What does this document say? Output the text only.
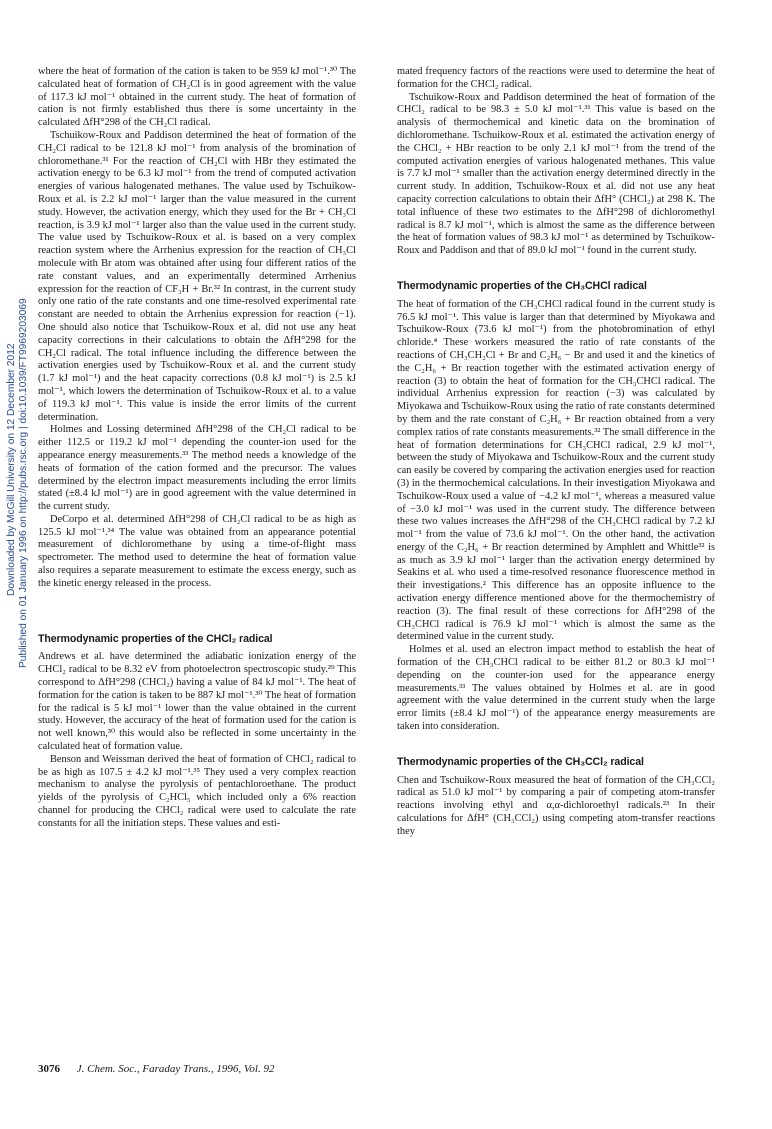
Downloaded by McGill University on 12 December 2012 Published on 01 January 1996 on http://pubs.rsc.org | doi:10.1039/FT9969203069

where the heat of formation of the cation is taken to be 959 kJ mol⁻¹.³⁰ The calculated heat of formation of CH₂Cl is in good agreement with the value of 117.3 kJ mol⁻¹ obtained in the current study. The heat of formation of cation is not firmly established thus there is some uncertainty in the calculated ΔfH°298 of the CH₂Cl radical.

Tschuikow-Roux and Paddison determined the heat of formation of the CH₂Cl radical to be 121.8 kJ mol⁻¹ from analysis of the bromination of chloromethane.³¹ For the reaction of CH₂Cl with HBr they estimated the activation energy to be 6.3 kJ mol⁻¹ from the trend of computed activation energies of various halogenated methanes. The value used by Tschuikow-Roux et al. is 2.2 kJ mol⁻¹ larger than the value measured in the current study. However, the activation energy, which they used for the Br + CH₃Cl reaction, is 3.9 kJ mol⁻¹ larger also than the value used in the current study. The value used by Tschuikow-Roux et al. is based on a very complex reaction system where the Arrhenius expression for the reaction of CH₃Cl molecule with Br atom was obtained after using four different ratios of the rate constant values, and an experimentally determined Arrhenius expression for the reaction of CF₃H + Br.³² In contrast, in the current study only one ratio of the rate constants and one time-resolved experimental rate constant are needed to obtain the Arrhenius expression for reaction (−1). One should also notice that Tschuikow-Roux et al. did not use any heat capacity corrections in their calculations to obtain the ΔfH°298 for the CH₂Cl radical. The total influence including the difference between the activation energies used by Tschuikow-Roux et al. and the current study (1.7 kJ mol⁻¹) and the heat capacity corrections (0.8 kJ mol⁻¹) is 2.5 kJ mol⁻¹, which lowers the determination of Tschuikow-Roux et al. to a value of 119.3 kJ mol⁻¹. This value is inside the error limits of the current determination.

Holmes and Lossing determined ΔfH°298 of the CH₂Cl radical to be either 112.5 or 119.2 kJ mol⁻¹ depending the counter-ion used for the appearance energy measurements.³³ The method needs a knowledge of the heats of formation of the cation formed and the precursor. The values determined by the electron impact measurements including the error limits stated (±8.4 kJ mol⁻¹) are in good agreement with the value determined in the current study.

DeCorpo et al. determined ΔfH°298 of CH₂Cl radical to be as high as 125.5 kJ mol⁻¹.³⁴ The value was obtained from an appearance potential measurement of dichloromethane by using a time-of-flight mass spectrometer. The method used to determine the heat of formation value also requires a separate measurement to estimate the excess energy, such as the kinetic energy released in the process.

Thermodynamic properties of the CHCl₂ radical

Andrews et al. have determined the adiabatic ionization energy of the CHCl₂ radical to be 8.32 eV from photoelectron spectroscopic study.²⁹ This correspond to ΔfH°298 (CHCl₂) having a value of 84 kJ mol⁻¹. The heat of formation for the cation is taken to be 887 kJ mol⁻¹.³⁰ The heat of formation for the radical is 5 kJ mol⁻¹ lower than the value obtained in the current study. However, the accuracy of the heat of formation used for the cation is not well known,³⁰ this would also be reflected in some uncertainty in the calculated heat of formation value.

Benson and Weissman derived the heat of formation of CHCl₂ radical to be as high as 107.5 ± 4.2 kJ mol⁻¹.³⁵ They used a very complex reaction mechanism to analyse the pyrolysis of pentachloroethane. The product yields of the pyrolysis of C₂HCl₅ which included only a 6% reaction channel for producing the CHCl₂ radical were used to calculate the rate constants for all the initiation steps. These values and esti-

mated frequency factors of the reactions were used to determine the heat of formation for the CHCl₂ radical.

Tschuikow-Roux and Paddison determined the heat of formation of the CHCl₂ radical to be 98.3 ± 5.0 kJ mol⁻¹.³¹ This value is based on the analysis of thermochemical and kinetic data on the bromination of dichloromethane. Tschuikow-Roux et al. estimated the activation energy of the CHCl₂ + HBr reaction to be only 2.1 kJ mol⁻¹ from the trend of the computed activation energies of various halogenated methanes. This value is 7.7 kJ mol⁻¹ smaller than the activation energy determined directly in the current study. In addition, Tschuikow-Roux et al. did not use any heat capacity correction calculations to obtain their ΔfH° (CHCl₂) at 298 K. The total influence of these two estimates to the ΔfH°298 of dichloromethyl radical is 8.7 kJ mol⁻¹, which is almost the same as the difference between the heat of formation values of 98.3 kJ mol⁻¹ as determined by Tschuikow-Roux and Paddison and that of 89.0 kJ mol⁻¹ found in the current study.

Thermodynamic properties of the CH₃CHCl radical

The heat of formation of the CH₃CHCl radical found in the current study is 76.5 kJ mol⁻¹. This value is larger than that determined by Miyokawa and Tschuikow-Roux (73.6 kJ mol⁻¹) from the photobromination of ethyl chloride.⁴ These workers measured the ratio of rate constants of the reactions of CH₃CH₂Cl + Br and C₂H₆ − Br and used it and the kinetics of the C₂H₆ + Br reaction together with the estimated activation energy of reaction (3) to obtain the heat of formation for the CH₃CHCl radical. The individual Arrhenius expression for reaction (−3) was calculated by Miyokawa and Tschuikow-Roux using the ratio of rate constants determined by them and the rate constant of C₂H₆ + Br reaction obtained from a very complex ratios of rate constants measurements.³² The small difference in the heat of formation determinations for CH₃CHCl radical, 2.9 kJ mol⁻¹, between the study of Miyokawa and Tschuikow-Roux and the current study can easily be covered by comparing the activation energies used for reaction (3) in the thermochemical calculations. In their investigation Miyokawa and Tschuikow-Roux used a value of −4.2 kJ mol⁻¹, whereas a measured value of −3.0 kJ mol⁻¹ was used in the current study. The difference between these two values increases the ΔfH°298 of the CH₃CHCl radical by 7.2 kJ mol⁻¹ from the value of 73.6 kJ mol⁻¹. On the other hand, the activation energy of the C₂H₆ + Br reaction determined by Amphlett and Whittle³² is as much as 3.9 kJ mol⁻¹ larger than the activation energy determined by Seakins et al. who used a time-resolved resonance fluorescence method in their investigations.² This difference has an opposite influence to the activation energy difference mentioned above for the thermochemistry of reaction (3). The final result of these corrections for ΔfH°298 of the CH₃CHCl radical is 76.9 kJ mol⁻¹ which is almost the same as the determined value in the current study.

Holmes et al. used an electron impact method to establish the heat of formation of the CH₃CHCl radical to be either 81.2 or 80.3 kJ mol⁻¹ depending on the counter-ion used for the appearance energy measurements.³³ The values obtained by Holmes et al. are in good agreement with the value determined in the current study when the large error limits (±8.4 kJ mol⁻¹) of the appearance energy measurements are taken into consideration.

Thermodynamic properties of the CH₃CCl₂ radical

Chen and Tschuikow-Roux measured the heat of formation of the CH₃CCl₂ radical as 51.0 kJ mol⁻¹ by comparing a pair of competing atom-transfer reactions involving ethyl and α,α-dichloroethyl radicals.²³ In their calculations for ΔfH° (CH₃CCl₂) using competing atom-transfer reactions they

3076 J. Chem. Soc., Faraday Trans., 1996, Vol. 92
